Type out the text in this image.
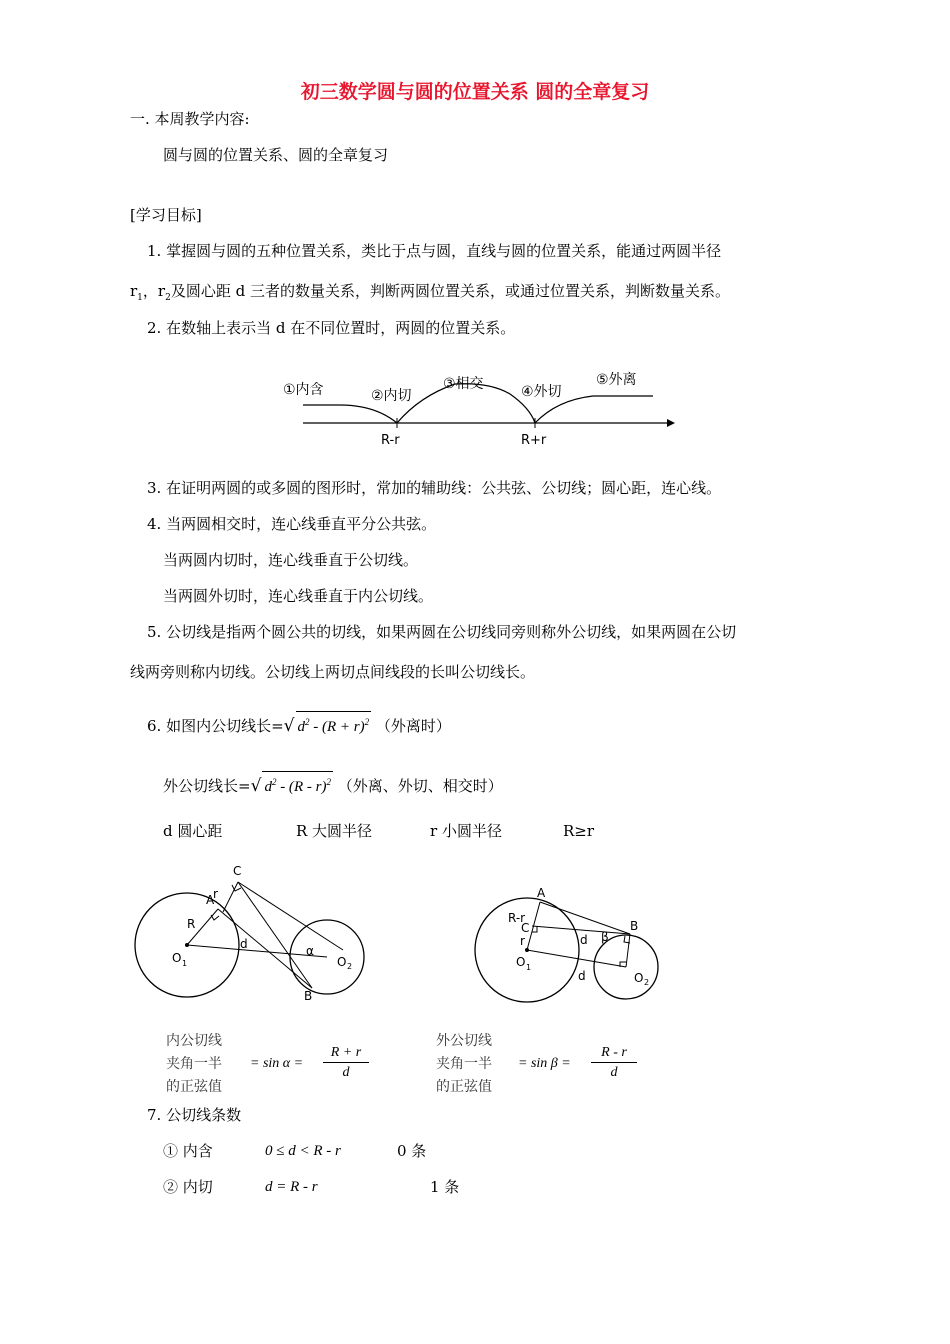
初三数学圆与圆的位置关系 圆的全章复习
一. 本周教学内容:
圆与圆的位置关系、圆的全章复习
[学习目标]
1. 掌握圆与圆的五种位置关系，类比于点与圆，直线与圆的位置关系，能通过两圆半径
$r_1$，$r_2$及圆心距 d 三者的数量关系，判断两圆位置关系，或通过位置关系，判断数量关系。
2. 在数轴上表示当 d 在不同位置时，两圆的位置关系。
①内含	②内切
③相交	④外切
⑤外离
R-r	R+r
3. 在证明两圆的或多圆的图形时，常加的辅助线：公共弦、公切线；圆心距，连心线。
4. 当两圆相交时，连心线垂直平分公共弦。
当两圆内切时，连心线垂直于公切线。
当两圆外切时，连心线垂直于内公切线。
5. 公切线是指两个圆公共的切线，如果两圆在公切线同旁则称外公切线，如果两圆在公切
线两旁则称内切线。公切线上两切点间线段的长叫公切线长。
6. 如图内公切线长=√ $d^2 - (R + r)^2$ （外离时）
外公切线长=√ $d^2 - (R - r)^2$ （外离、外切、相交时）
d 圆心距	R 大圆半径	r 小圆半径	R≥r
C
r
A
R
O 1
d	α
O 2
B
A
R-r
C
r
O 1
d β
B
d	O 2
内公切线
夹角一半
的正弦值
= $\sin \alpha = \frac{R + r}{d}$
外公切线
夹角一半
的正弦值
= $\sin \beta = \frac{R - r}{d}$
7. 公切线条数
① 内含	0 ≤ d < R - r	0 条
② 内切	d = R - r	1 条
